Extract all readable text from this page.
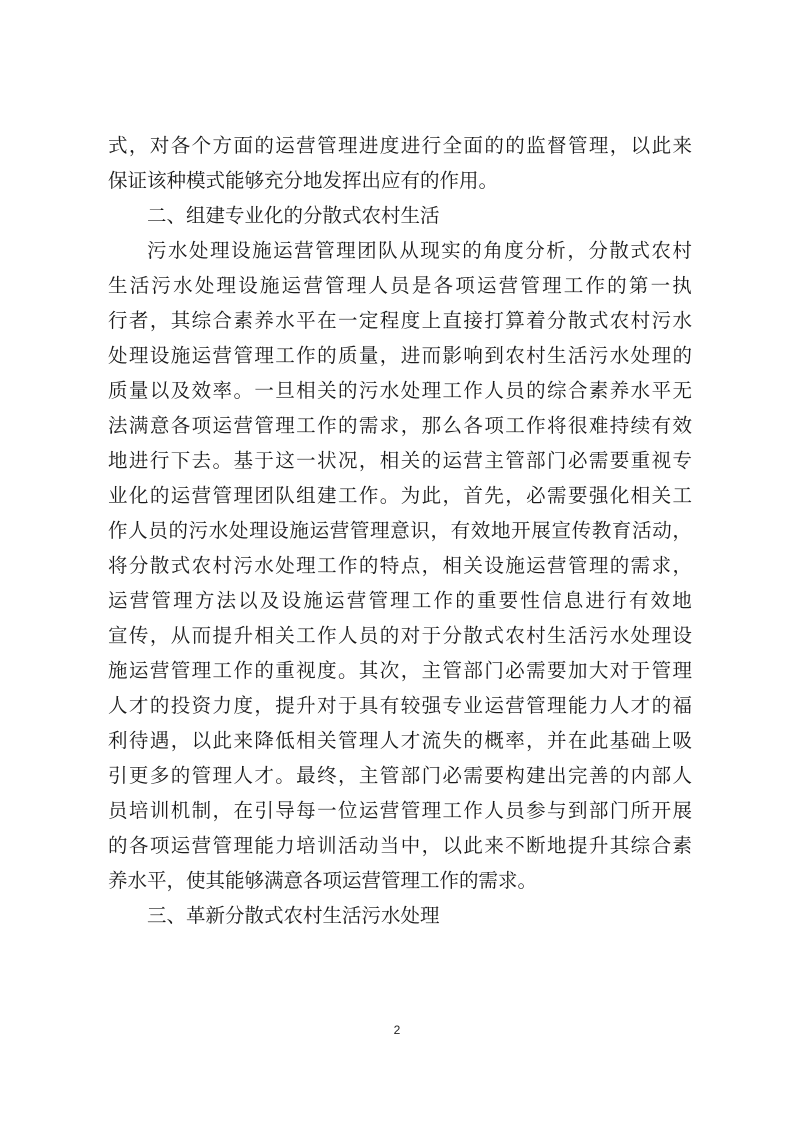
式 ， 对 各 个 方 面 的 运 营 管 理 进 度 进 行 全 面 的 的 监 督 管 理 ， 以 此 来
保证该种模式能够充分地发挥出应有的作用。
二、组建专业化的分散式农村生活
污 水 处 理 设 施 运 营 管 理 团 队 从 现 实 的 角 度 分 析 ， 分 散 式 农 村
生 活 污 水 处 理 设 施 运 营 管 理 人 员 是 各 项 运 营 管 理 工 作 的 第 一 执
行 者 ， 其 综 合 素 养 水 平 在 一 定 程 度 上 直 接 打 算 着 分 散 式 农 村 污 水
处 理 设 施 运 营 管 理 工 作 的 质 量 ， 进 而 影 响 到 农 村 生 活 污 水 处 理 的
质 量 以 及 效 率 。 一 旦 相 关 的 污 水 处 理 工 作 人 员 的 综 合 素 养 水 平 无
法 满 意 各 项 运 营 管 理 工 作 的 需 求 ， 那 么 各 项 工 作 将 很 难 持 续 有 效
地 进 行 下 去 。 基 于 这 一 状 况 ， 相 关 的 运 营 主 管 部 门 必 需 要 重 视 专
业 化 的 运 营 管 理 团 队 组 建 工 作 。 为 此 ， 首 先 ， 必 需 要 强 化 相 关 工
作 人 员 的 污 水 处 理 设 施 运 营 管 理 意 识 ， 有 效 地 开 展 宣 传 教 育 活 动 ，
将 分 散 式 农 村 污 水 处 理 工 作 的 特 点 ， 相 关 设 施 运 营 管 理 的 需 求 ，
运 营 管 理 方 法 以 及 设 施 运 营 管 理 工 作 的 重 要 性 信 息 进 行 有 效 地
宣 传 ， 从 而 提 升 相 关 工 作 人 员 的 对 于 分 散 式 农 村 生 活 污 水 处 理 设
施 运 营 管 理 工 作 的 重 视 度 。 其 次 ， 主 管 部 门 必 需 要 加 大 对 于 管 理
人 才 的 投 资 力 度 ， 提 升 对 于 具 有 较 强 专 业 运 营 管 理 能 力 人 才 的 福
利 待 遇 ， 以 此 来 降 低 相 关 管 理 人 才 流 失 的 概 率 ， 并 在 此 基 础 上 吸
引 更 多 的 管 理 人 才 。 最 终 ， 主 管 部 门 必 需 要 构 建 出 完 善 的 内 部 人
员 培 训 机 制 ， 在 引 导 每 一 位 运 营 管 理 工 作 人 员 参 与 到 部 门 所 开 展
的 各 项 运 营 管 理 能 力 培 训 活 动 当 中 ， 以 此 来 不 断 地 提 升 其 综 合 素
养水平，使其能够满意各项运营管理工作的需求。
三、革新分散式农村生活污水处理
2
